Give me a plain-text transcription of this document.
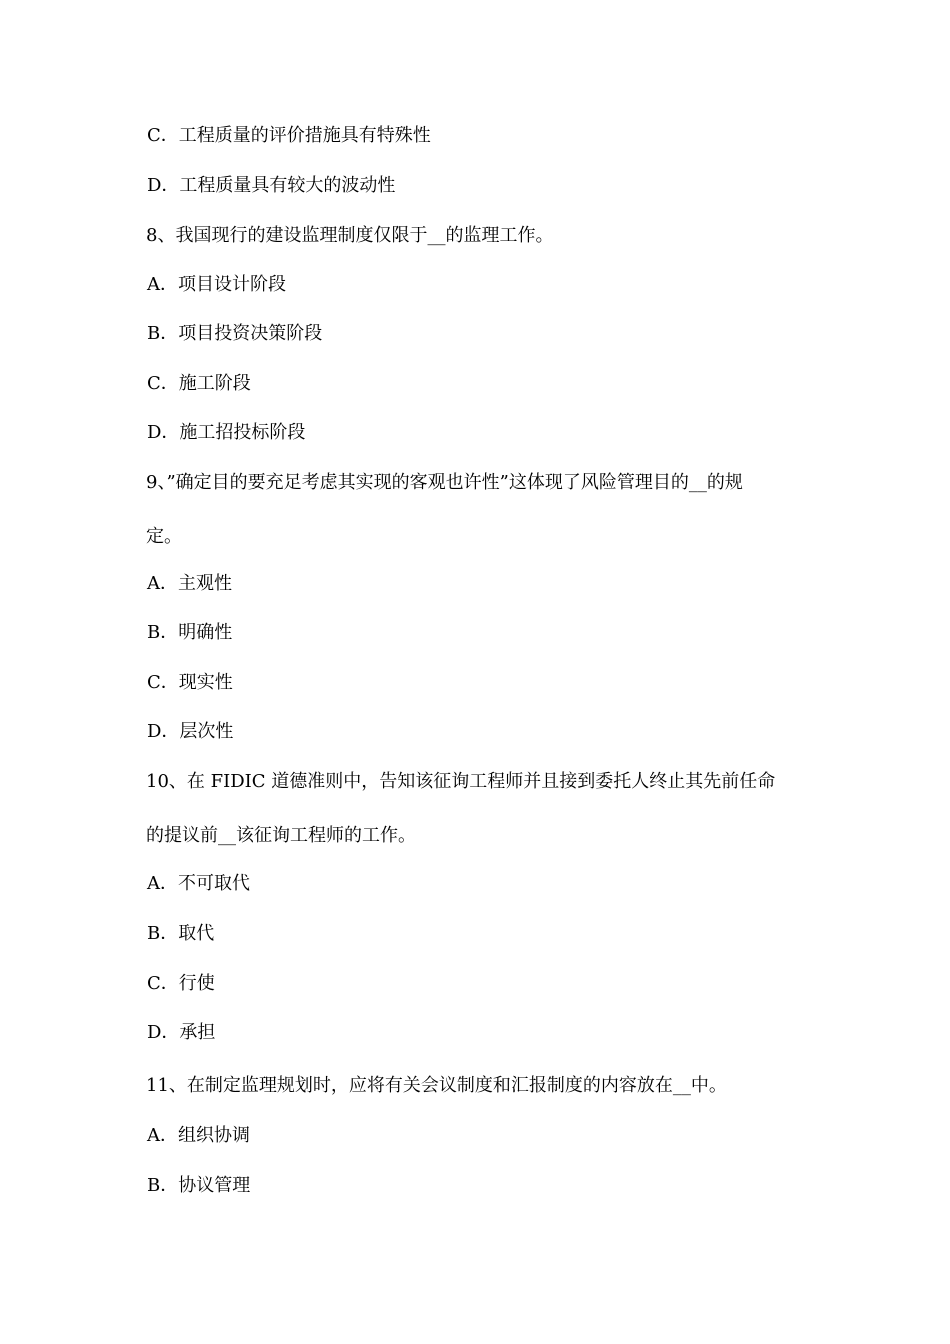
C．工程质量的评价措施具有特殊性
D．工程质量具有较大的波动性
8、我国现行的建设监理制度仅限于__的监理工作。
A．项目设计阶段
B．项目投资决策阶段
C．施工阶段
D．施工招投标阶段
9、”确定目的要充足考虑其实现的客观也许性”这体现了风险管理目的__的规
定。
A．主观性
B．明确性
C．现实性
D．层次性
10、在 FIDIC 道德准则中，告知该征询工程师并且接到委托人终止其先前任命
的提议前__该征询工程师的工作。
A．不可取代
B．取代
C．行使
D．承担
11、在制定监理规划时，应将有关会议制度和汇报制度的内容放在__中。
A．组织协调
B．协议管理
